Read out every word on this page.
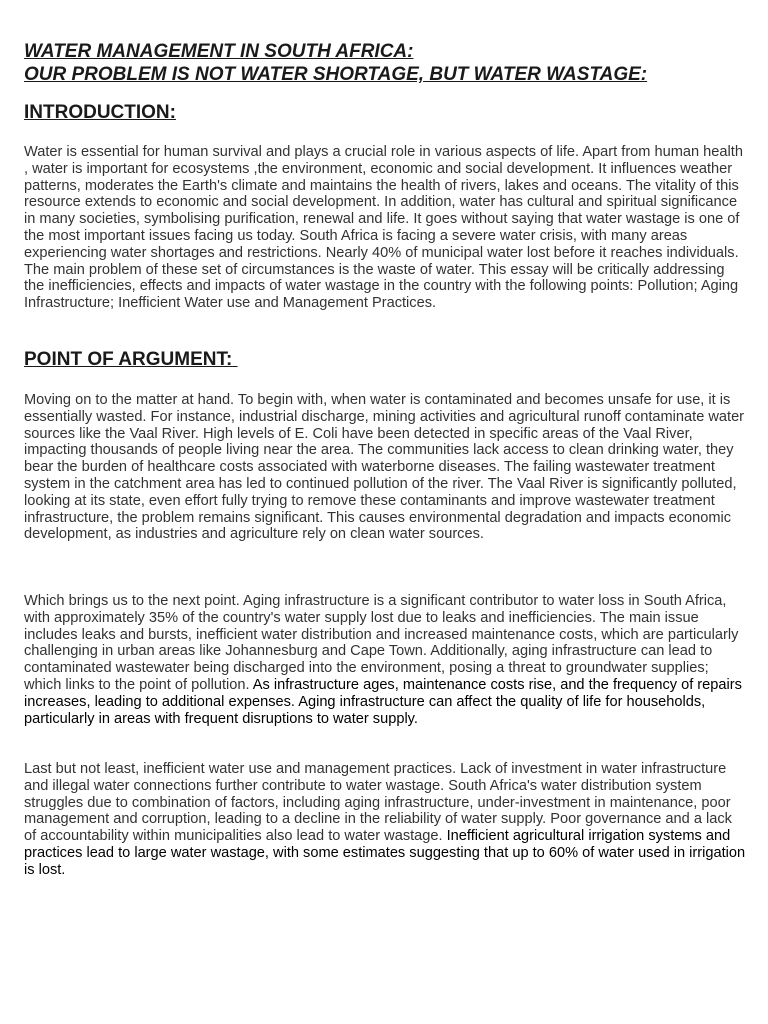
WATER MANAGEMENT IN SOUTH AFRICA:
OUR PROBLEM IS NOT WATER SHORTAGE, BUT WATER WASTAGE:
INTRODUCTION:

Water is essential for human survival and plays a crucial role in various aspects of life. Apart from human health , water is important for ecosystems ,the environment, economic and social development. It influences weather patterns, moderates the Earth's climate and maintains the health of rivers, lakes and oceans. The vitality of this resource extends to economic and social development. In addition, water has cultural and spiritual significance in many societies, symbolising purification, renewal and life. It goes without saying that water wastage is one of the most important issues facing us today. South Africa is facing a severe water crisis, with many areas experiencing water shortages and restrictions. Nearly 40% of municipal water lost before it reaches individuals. The main problem of these set of circumstances is the waste of water. This essay will be critically addressing the inefficiencies, effects and impacts of water wastage in the country with the following points: Pollution; Aging Infrastructure; Inefficient Water use and Management Practices.

POINT OF ARGUMENT:

Moving on to the matter at hand. To begin with, when water is contaminated and becomes unsafe for use, it is essentially wasted. For instance, industrial discharge, mining activities and agricultural runoff contaminate water sources like the Vaal River. High levels of E. Coli have been detected in specific areas of the Vaal River, impacting thousands of people living near the area. The communities lack access to clean drinking water, they bear the burden of healthcare costs associated with waterborne diseases. The failing wastewater treatment system in the catchment area has led to continued pollution of the river. The Vaal River is significantly polluted, looking at its state, even effort fully trying to remove these contaminants and improve wastewater treatment infrastructure, the problem remains significant. This causes environmental degradation and impacts economic development, as industries and agriculture rely on clean water sources.

Which brings us to the next point. Aging infrastructure is a significant contributor to water loss in South Africa, with approximately 35% of the country's water supply lost due to leaks and inefficiencies. The main issue includes leaks and bursts, inefficient water distribution and increased maintenance costs, which are particularly challenging in urban areas like Johannesburg and Cape Town. Additionally, aging infrastructure can lead to contaminated wastewater being discharged into the environment, posing a threat to groundwater supplies; which links to the point of pollution. As infrastructure ages, maintenance costs rise, and the frequency of repairs increases, leading to additional expenses. Aging infrastructure can affect the quality of life for households, particularly in areas with frequent disruptions to water supply.

Last but not least, inefficient water use and management practices. Lack of investment in water infrastructure and illegal water connections further contribute to water wastage. South Africa's water distribution system struggles due to combination of factors, including aging infrastructure, under-investment in maintenance, poor management and corruption, leading to a decline in the reliability of water supply. Poor governance and a lack of accountability within municipalities also lead to water wastage. Inefficient agricultural irrigation systems and practices lead to large water wastage, with some estimates suggesting that up to 60% of water used in irrigation is lost.
